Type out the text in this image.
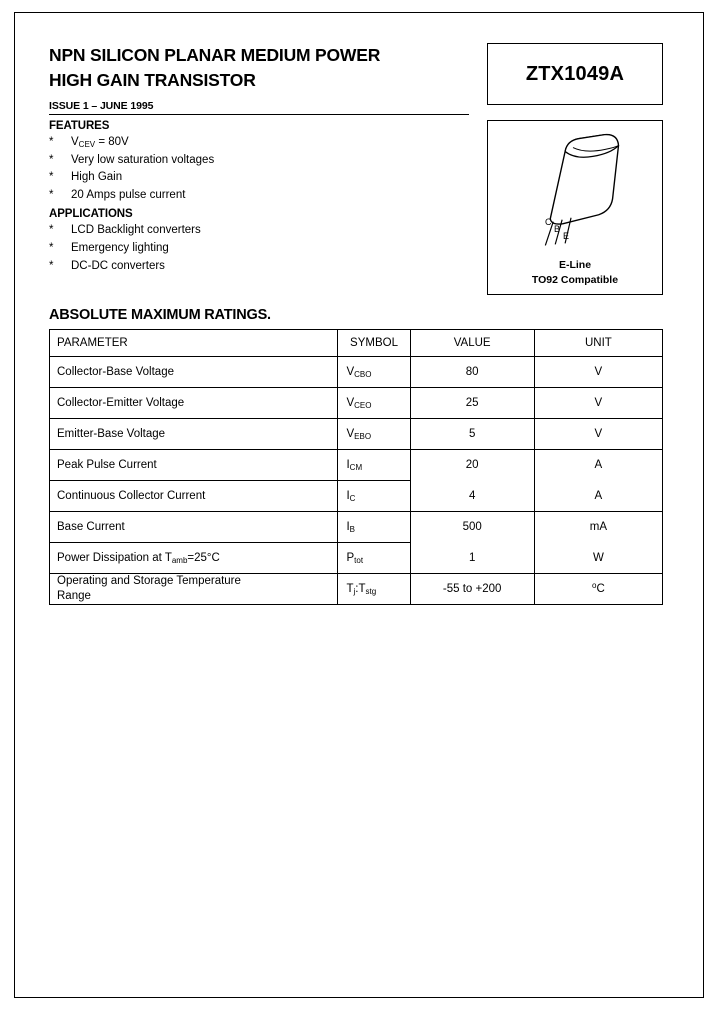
NPN SILICON PLANAR MEDIUM POWER
HIGH GAIN TRANSISTOR
ISSUE 1 – JUNE 1995
ZTX1049A
FEATURES
*	$V_{CEV} = 80V$
*	Very low saturation voltages
*	High Gain
*	20 Amps pulse current
APPLICATIONS
*	LCD Backlight converters
*	Emergency lighting
*	DC-DC converters
C
B
E
E-Line
TO92 Compatible
ABSOLUTE MAXIMUM RATINGS.
PARAMETER	SYMBOL	VALUE	UNIT
Collector-Base Voltage	$V_{CBO}$	80	V
Collector-Emitter Voltage	$V_{CEO}$	25	V
Emitter-Base Voltage	$V_{EBO}$	5	V
Peak Pulse Current	$I_{CM}$	20	A
Continuous Collector Current	$I_C$	4	A
Base Current	$I_B$	500	mA
Power Dissipation at $T_{amb}=25^\circ C$	$P_{tot}$	1	W

Operating and Storage Temperature
Range	$T_j:T_{stg}$	-55 to +200	$^o$C
